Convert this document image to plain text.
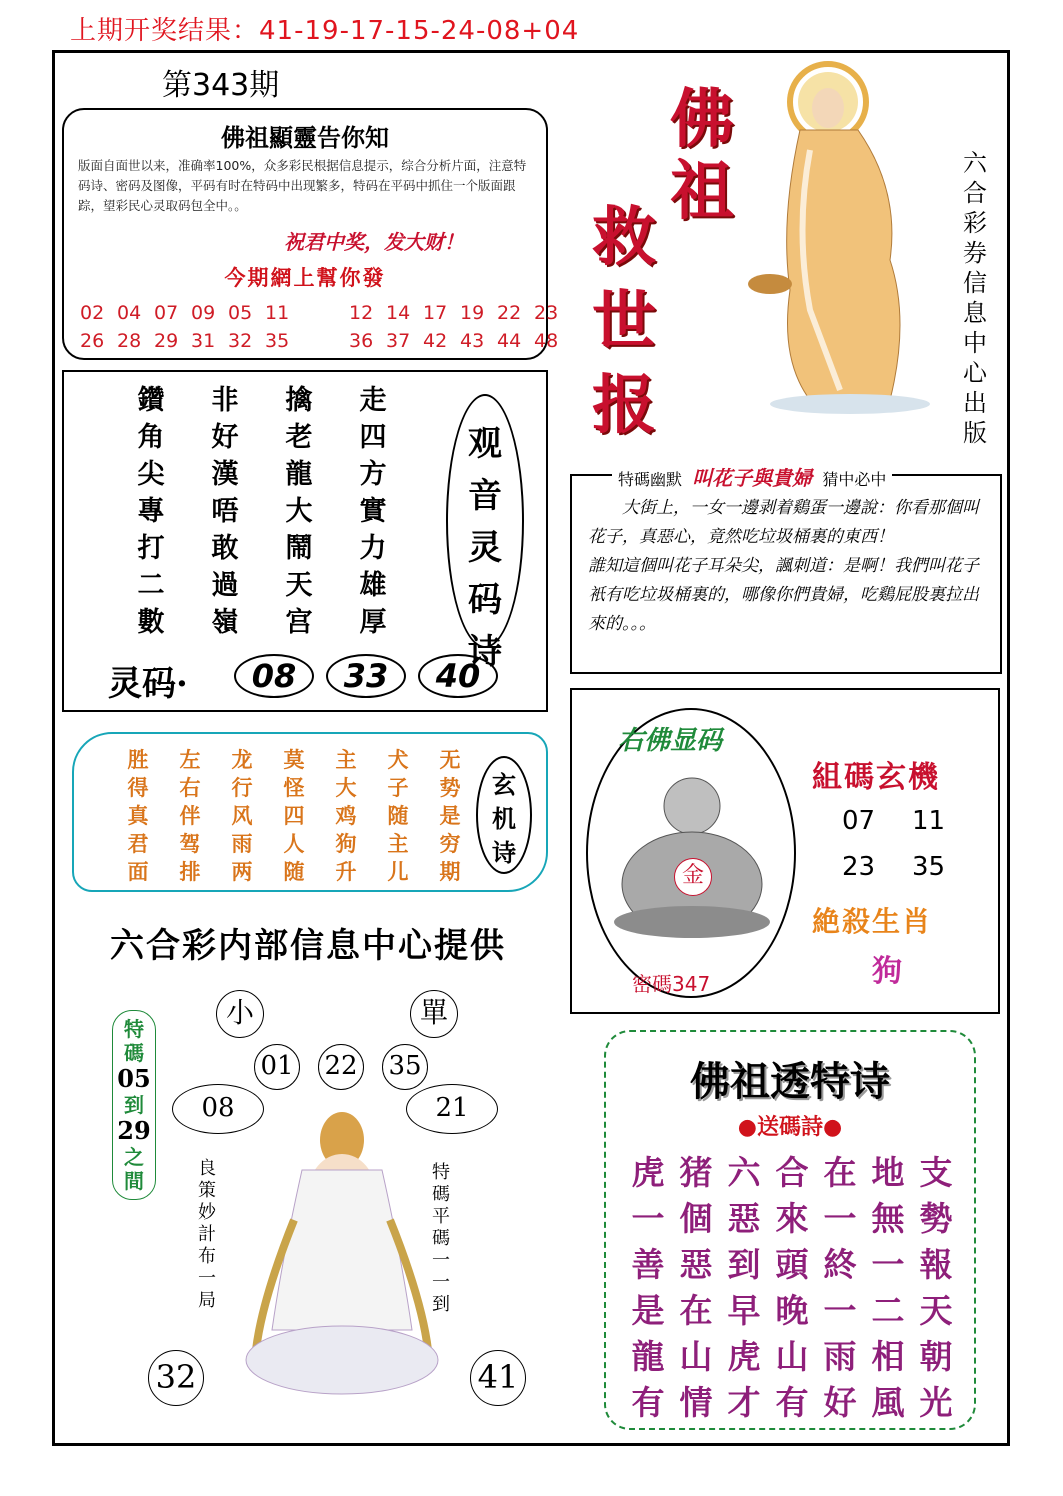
上期开奖结果：41-19-17-15-24-08+04
第343期
佛祖顯靈告你知
版面自面世以来，准确率100%，众多彩民根据信息提示，综合分析片面，注意特码诗、密码及图像，平码有时在特码中出现繁多，特码在平码中抓住一个版面跟踪，望彩民心灵取码包全中。。
祝君中奖，发大财！
今期網上幫你發
02 04 07 09 05 11	12 14 17 19 22 23
26 28 29 31 32 35	36 37 42 43 44 48
鑽	非	擒	走
角	好	老	四
尖	漢	龍	方
專	唔	大	實
打	敢	鬧	力
二	過	天	雄
數	嶺	宫	厚
观
音
灵
码
诗
灵码·	08	33	40
胜	左	龙	莫	主	犬	无
得	右	行	怪	大	子	势
真	伴	风	四	鸡	随	是
君	驾	雨	人	狗	主	穷
面	排	两	随	升	儿	期
玄
机
诗
六合彩内部信息中心提供
佛
祖
救
世
报
六
合
彩
券
信
息
中
心
出
版
特碼幽默 叫花子與貴婦 猜中必中
大街上，一女一邊剥着鷄蛋一邊說：你看那個叫花子，真惡心，竟然吃垃圾桶裏的東西！
誰知這個叫花子耳朵尖，諷刺道：是啊！我們叫花子衹有吃垃圾桶裏的，哪像你們貴婦，吃鷄屁股裏拉出來的。。。
右佛显码
金
密碼347
組碼玄機
07 11
23 35
絶殺生肖
狗
佛祖透特诗
●送碼詩●
虎 猪 六 合 在 地 支
一 個 惡 來 一 無 勢
善 惡 到 頭 終 一 報
是 在 早 晚 一 二 天
龍 山 虎 山 雨 相 朝
有 情 才 有 好 風 光
特
碼
05
到
29
之
間
小	單
01 22 35
08	21
32	41
良
策
妙
計
布
一
局
特
碼
平
碼
一
一
到
